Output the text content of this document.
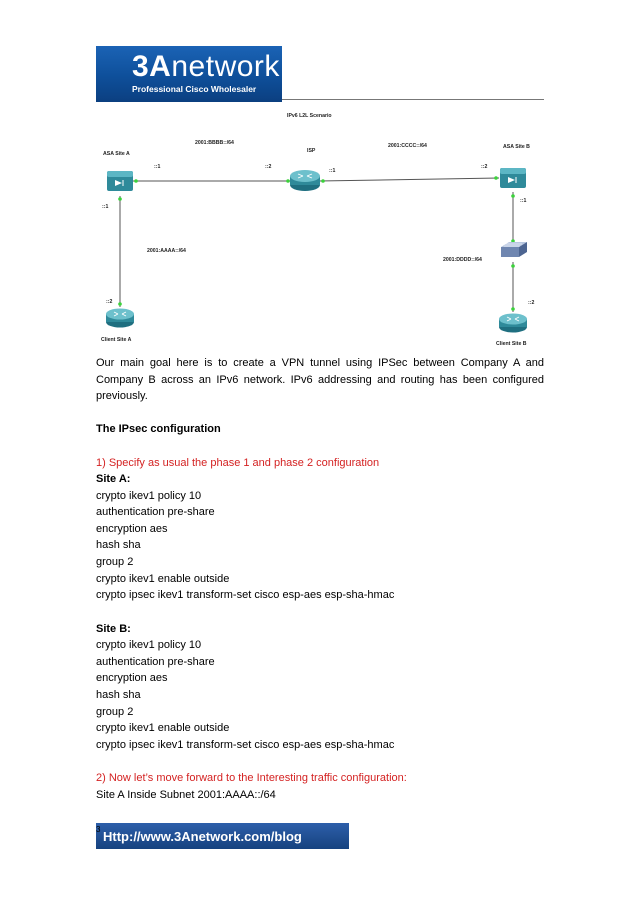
3Anetwork
Professional Cisco Wholesaler
IPv6 L2L Scenario
ASA Site A	ISP
ASA Site B
Client Site A
Client Site B
2001:BBBB::/64	2001:CCCC::/64
2001:AAAA::/64
2001:DDDD::/64
::1	::2
::1
::2
::1
::2
::1
::2

Our main goal here is to create a VPN tunnel using IPSec between Company A and Company B across an IPv6 network. IPv6 addressing and routing has been configured previously.

The IPsec configuration
1) Specify as usual the phase 1 and phase 2 configuration
Site A:
crypto ikev1 policy 10
authentication pre-share
encryption aes
hash sha
group 2
crypto ikev1 enable outside
crypto ipsec ikev1 transform-set cisco esp-aes esp-sha-hmac
Site B:
crypto ikev1 policy 10
authentication pre-share
encryption aes
hash sha
group 2
crypto ikev1 enable outside
crypto ipsec ikev1 transform-set cisco esp-aes esp-sha-hmac
2) Now let’s move forward to the Interesting traffic configuration:
Site A Inside Subnet 2001:AAAA::/64
Http://www.3Anetwork.com/blog
3
